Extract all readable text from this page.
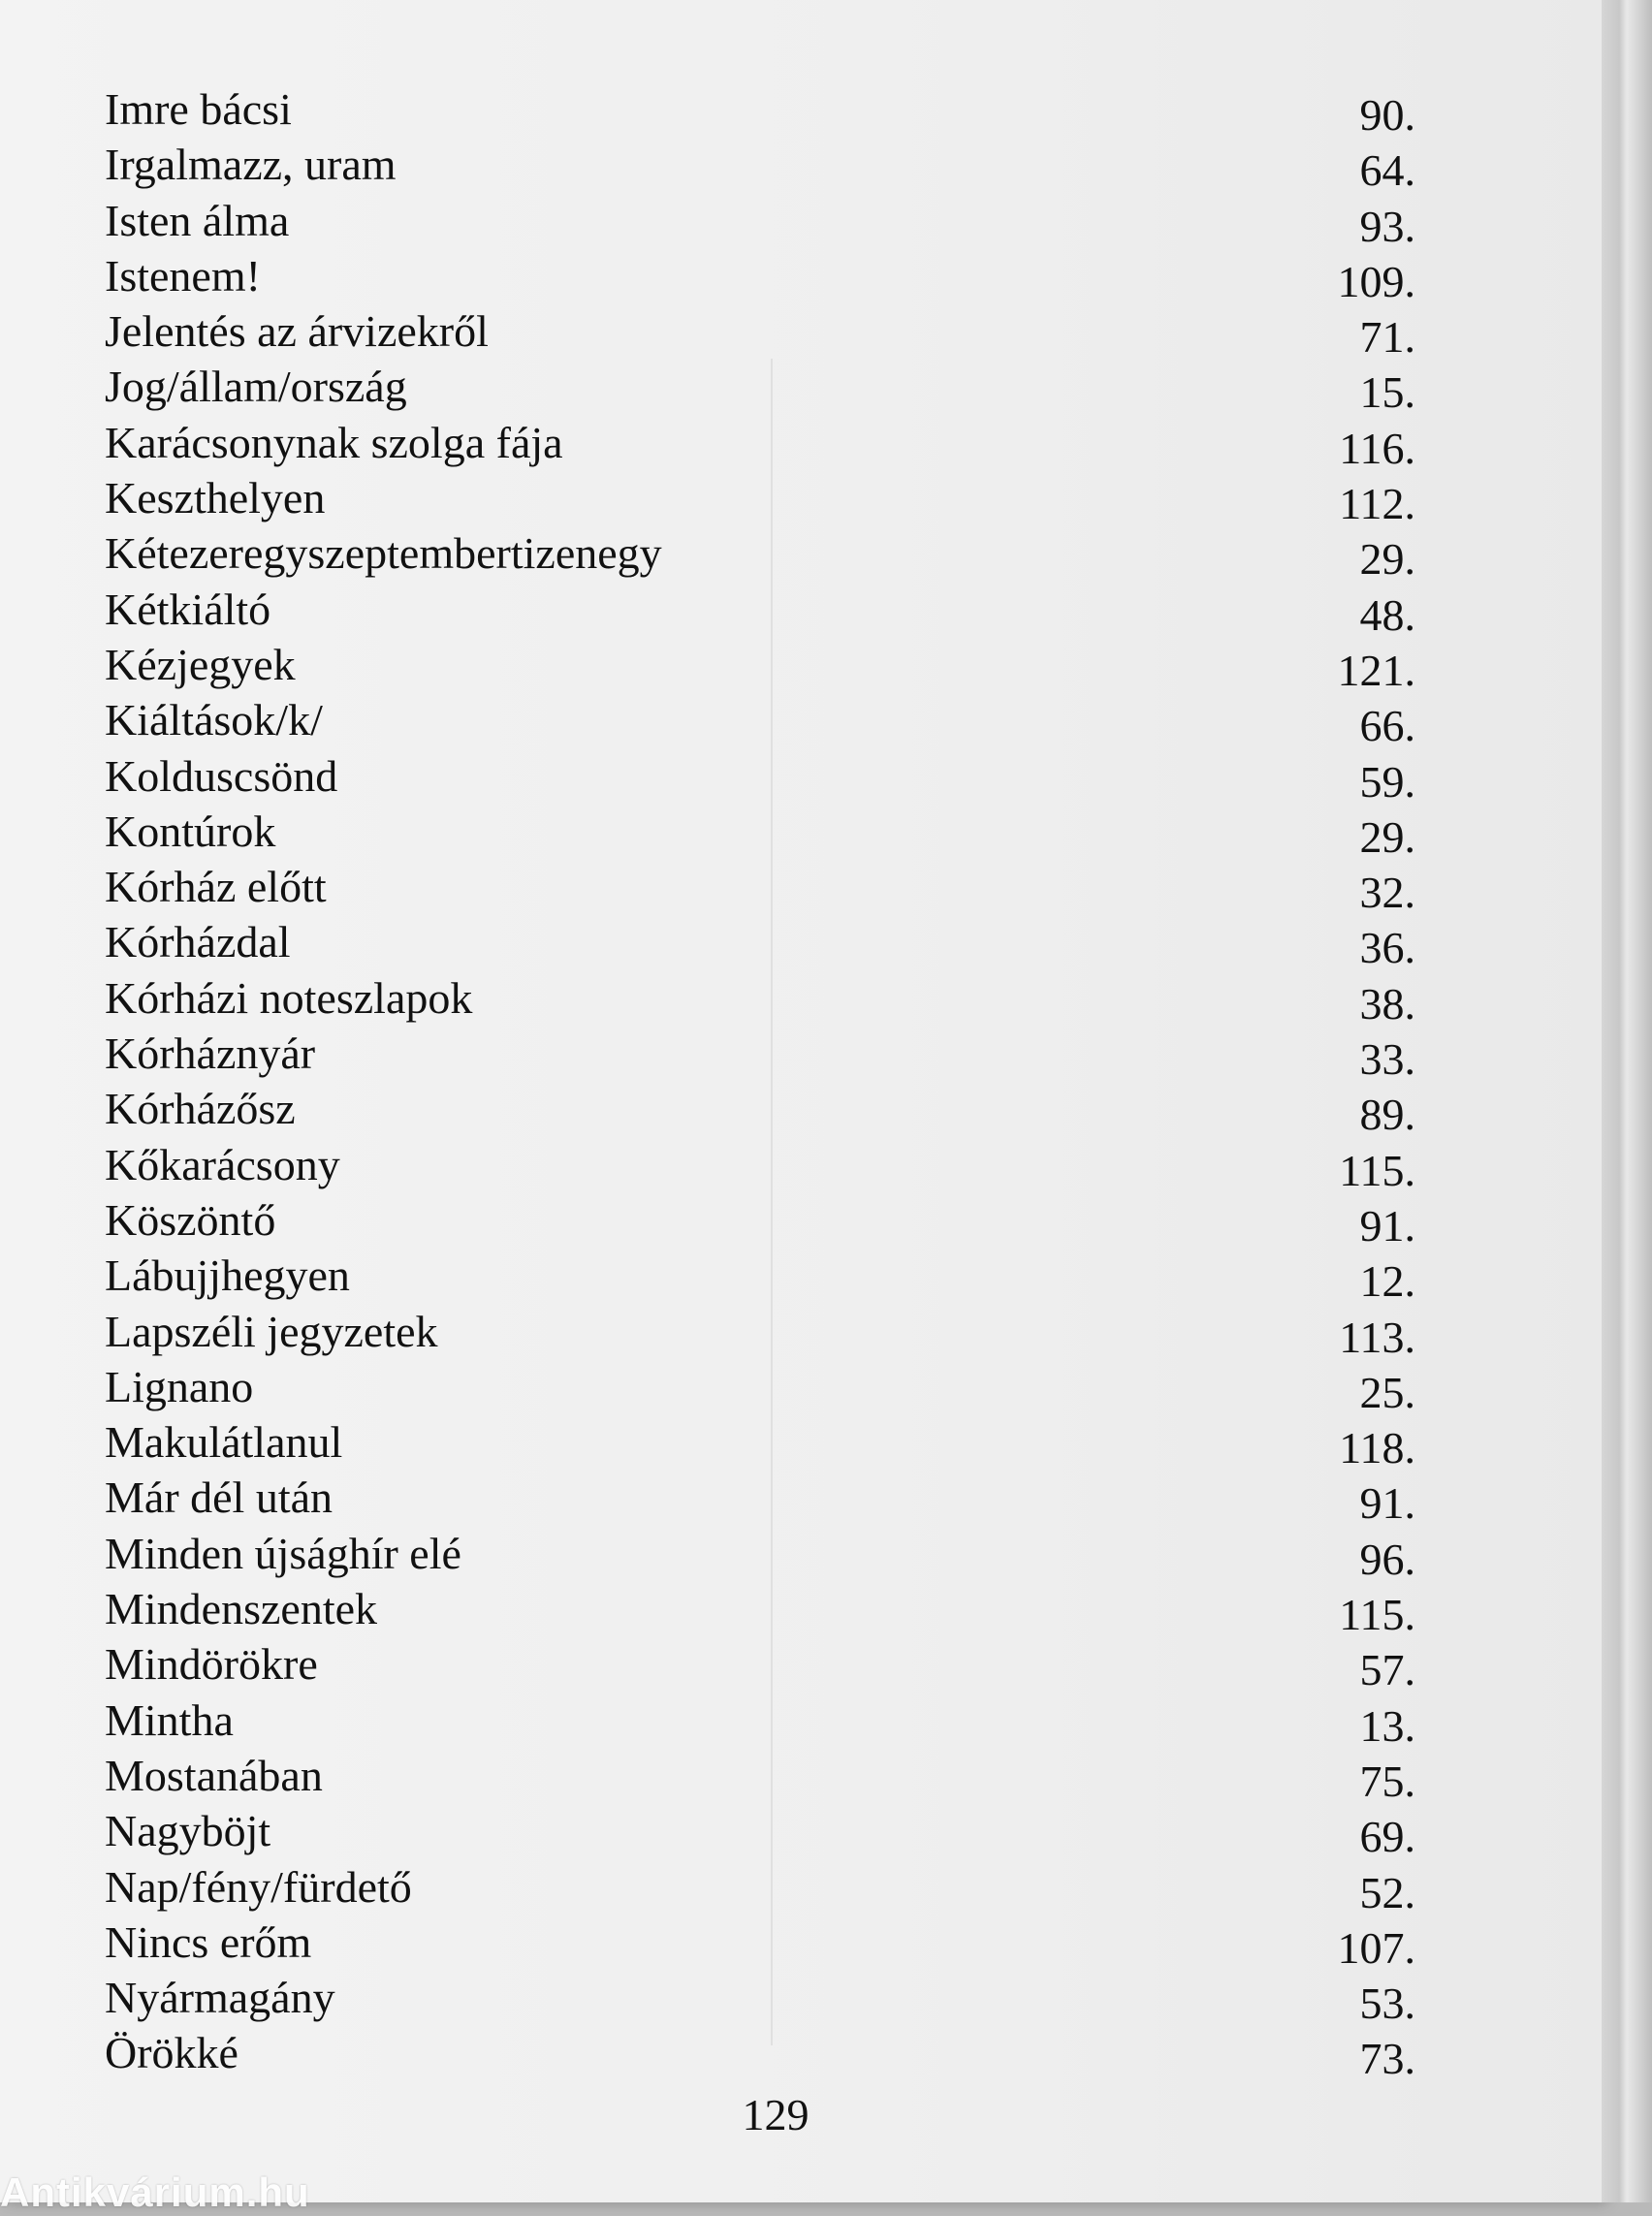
Imre bácsi	90.
Irgalmazz, uram	64.
Isten álma	93.
Istenem!	109.
Jelentés az árvizekről	71.
Jog/állam/ország	15.
Karácsonynak szolga fája	116.
Keszthelyen	112.
Kétezeregyszeptembertizenegy	29.
Kétkiáltó	48.
Kézjegyek	121.
Kiáltások/k/	66.
Kolduscsönd	59.
Kontúrok	29.
Kórház előtt	32.
Kórházdal	36.
Kórházi noteszlapok	38.
Kórháznyár	33.
Kórházősz	89.
Kőkarácsony	115.
Köszöntő	91.
Lábujjhegyen	12.
Lapszéli jegyzetek	113.
Lignano	25.
Makulátlanul	118.
Már dél után	91.
Minden újsághír elé	96.
Mindenszentek	115.
Mindörökre	57.
Mintha	13.
Mostanában	75.
Nagyböjt	69.
Nap/fény/fürdető	52.
Nincs erőm	107.
Nyármagány	53.
Örökké	73.
129
Antikvárium.hu
